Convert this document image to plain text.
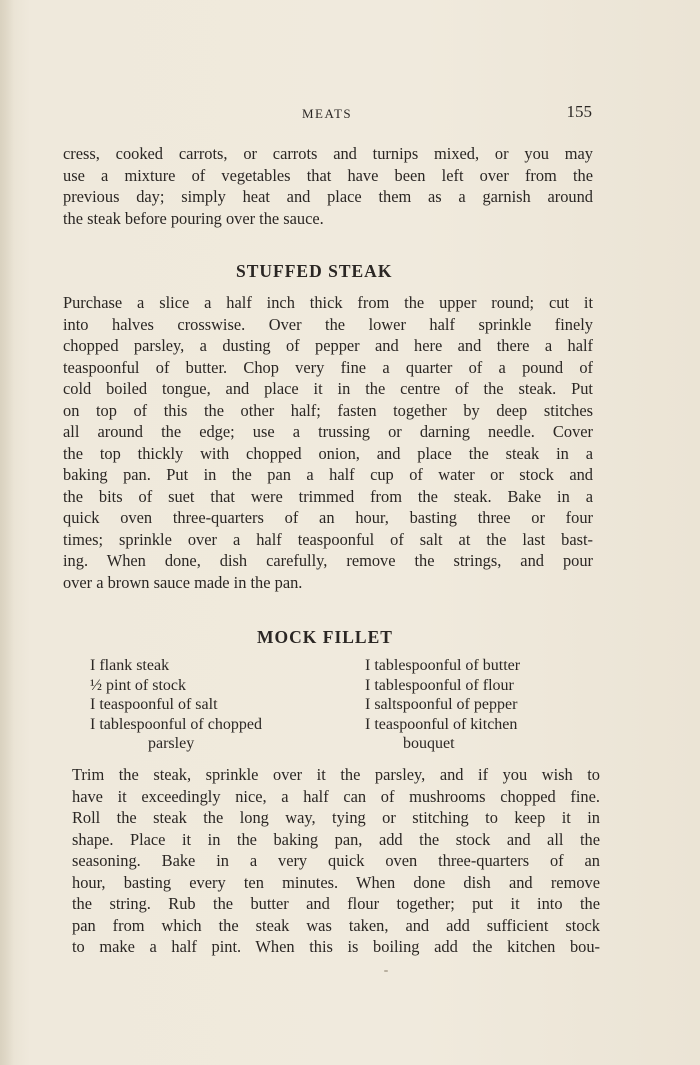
MEATS	155

cress, cooked carrots, or carrots and turnips mixed, or you may
use a mixture of vegetables that have been left over from the
previous day; simply heat and place them as a garnish around
the steak before pouring over the sauce.

STUFFED STEAK

Purchase a slice a half inch thick from the upper round; cut it
into halves crosswise. Over the lower half sprinkle finely
chopped parsley, a dusting of pepper and here and there a half
teaspoonful of butter. Chop very fine a quarter of a pound of
cold boiled tongue, and place it in the centre of the steak. Put
on top of this the other half; fasten together by deep stitches
all around the edge; use a trussing or darning needle. Cover
the top thickly with chopped onion, and place the steak in a
baking pan. Put in the pan a half cup of water or stock and
the bits of suet that were trimmed from the steak. Bake in a
quick oven three-quarters of an hour, basting three or four
times; sprinkle over a half teaspoonful of salt at the last bast-
ing. When done, dish carefully, remove the strings, and pour
over a brown sauce made in the pan.

MOCK FILLET
I flank steak
½ pint of stock
I teaspoonful of salt
I tablespoonful of chopped
parsley
I tablespoonful of butter
I tablespoonful of flour
I saltspoonful of pepper
I teaspoonful of kitchen
bouquet

Trim the steak, sprinkle over it the parsley, and if you wish to
have it exceedingly nice, a half can of mushrooms chopped fine.
Roll the steak the long way, tying or stitching to keep it in
shape. Place it in the baking pan, add the stock and all the
seasoning. Bake in a very quick oven three-quarters of an
hour, basting every ten minutes. When done dish and remove
the string. Rub the butter and flour together; put it into the
pan from which the steak was taken, and add sufficient stock
to make a half pint. When this is boiling add the kitchen bou-
